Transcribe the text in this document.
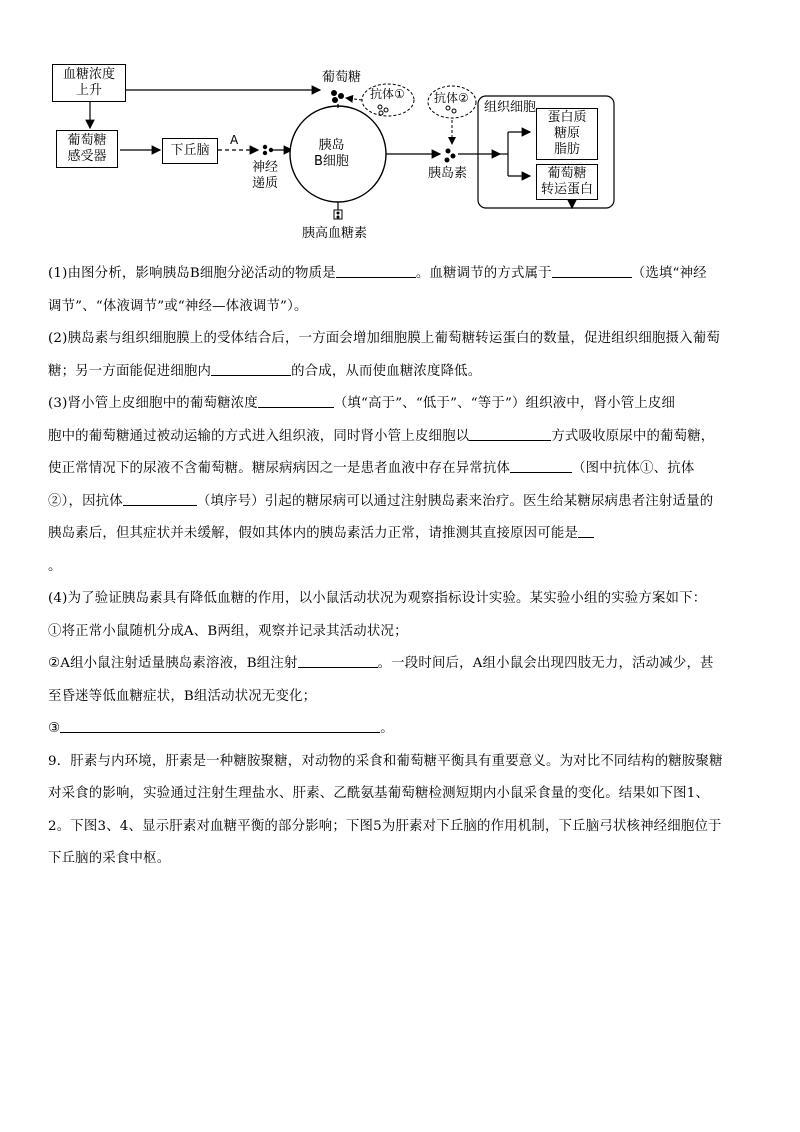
血糖浓度
上升
葡萄糖
感受器	下丘脑
A
神经
递质
胰岛
B细胞
葡萄糖
抗体① 抗体②
组织细胞
胰岛素
胰高血糖素
蛋白质
糖原
脂肪
葡萄糖
转运蛋白

(1)由图分析，影响胰岛B细胞分泌活动的物质是	。血糖调节的方式属于	（选填“神经

调节”、“体液调节”或“神经—体液调节”）。

(2)胰岛素与组织细胞膜上的受体结合后，一方面会增加细胞膜上葡萄糖转运蛋白的数量，促进组织细胞摄入葡萄

糖；另一方面能促进细胞内	的合成，从而使血糖浓度降低。

(3)肾小管上皮细胞中的葡萄糖浓度	（填“高于”、“低于”、“等于”）组织液中，肾小管上皮细

胞中的葡萄糖通过被动运输的方式进入组织液，同时肾小管上皮细胞以	方式吸收原尿中的葡萄糖，

使正常情况下的尿液不含葡萄糖。糖尿病病因之一是患者血液中存在异常抗体	（图中抗体①、抗体

②），因抗体	（填序号）引起的糖尿病可以通过注射胰岛素来治疗。医生给某糖尿病患者注射适量的

胰岛素后，但其症状并未缓解，假如其体内的胰岛素活力正常，请推测其直接原因可能是

。

(4)为了验证胰岛素具有降低血糖的作用，以小鼠活动状况为观察指标设计实验。某实验小组的实验方案如下：

①将正常小鼠随机分成A、B两组，观察并记录其活动状况；

②A组小鼠注射适量胰岛素溶液，B组注射	。一段时间后，A组小鼠会出现四肢无力，活动减少，甚

至昏迷等低血糖症状，B组活动状况无变化；

③	。

9．肝素与内环境，肝素是一种糖胺聚糖，对动物的采食和葡萄糖平衡具有重要意义。为对比不同结构的糖胺聚糖

对采食的影响，实验通过注射生理盐水、肝素、乙酰氨基葡萄糖检测短期内小鼠采食量的变化。结果如下图1、

2。下图3、4、显示肝素对血糖平衡的部分影响；下图5为肝素对下丘脑的作用机制，下丘脑弓状核神经细胞位于

下丘脑的采食中枢。
